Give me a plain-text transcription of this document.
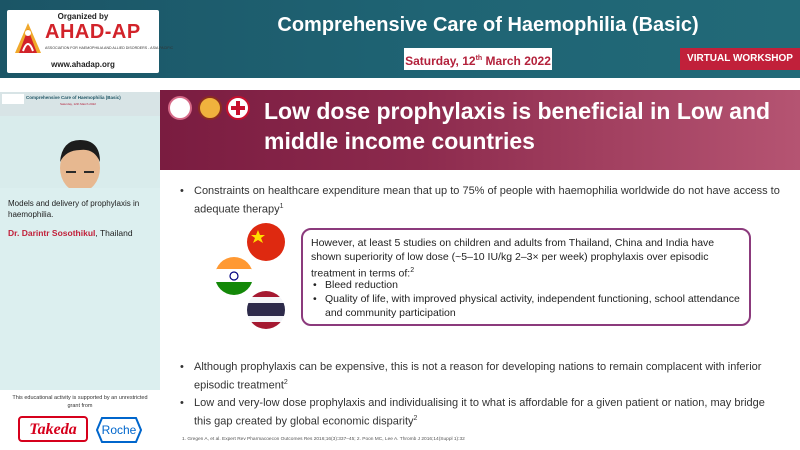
Organized by
AHAD-AP
ASSOCIATION FOR HAEMOPHILIA AND ALLIED DISORDERS - ASIA PACIFIC
www.ahadap.org
Comprehensive Care of Haemophilia (Basic)
Saturday, 12th March 2022	VIRTUAL WORKSHOP
Comprehensive Care of Haemophilia (Basic)
Saturday, 12th March 2022
Models and delivery of prophylaxis in haemophilia.
Dr. Darintr Sosothikul, Thailand
This educational activity is supported by an unrestricted grant from
Takeda Roche
Low dose prophylaxis is beneficial in Low and middle income countries
• Constraints on healthcare expenditure mean that up to 75% of people with haemophilia worldwide do not have access to adequate therapy$^1$
However, at least 5 studies on children and adults from Thailand, China and India have shown superiority of low dose (~5–10 IU/kg 2–3× per week) prophylaxis over episodic treatment in terms of:$^2$
• Bleed reduction
• Quality of life, with improved physical activity, independent functioning, school attendance and community participation
• Although prophylaxis can be expensive, this is not a reason for developing nations to remain complacent with inferior episodic treatment$^2$
• Low and very-low dose prophylaxis and individualising it to what is affordable for a given patient or nation, may bridge this gap created by global economic disparity$^2$
1. Gregen A, et al. Expert Rev Pharmacoecon Outcomes Res 2016;16(3):337–45; 2. Poon MC, Lee A. Thromb J 2016;14(Suppl 1):32
